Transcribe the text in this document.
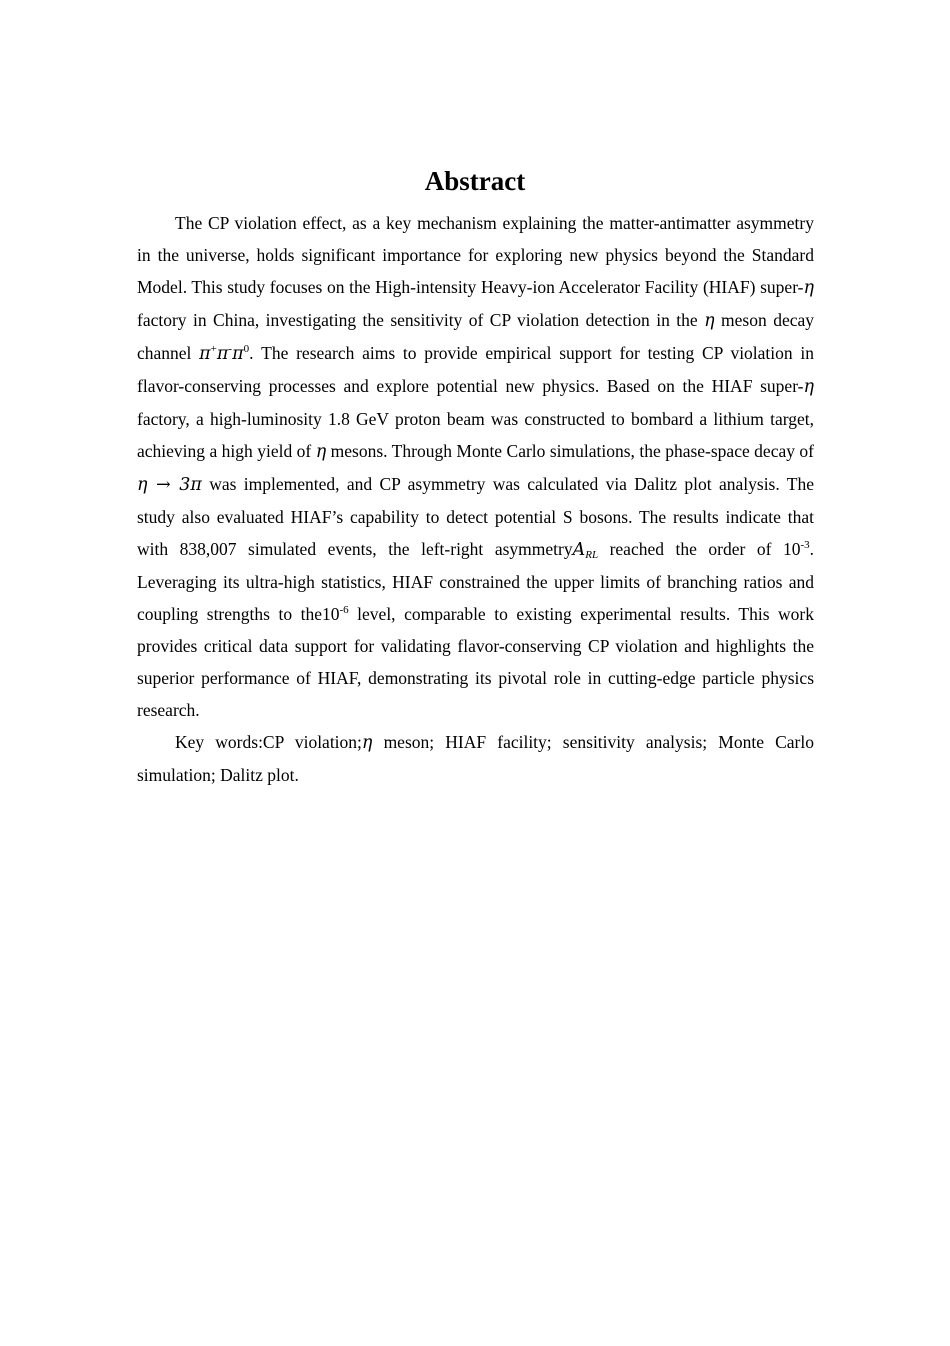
Abstract

The CP violation effect, as a key mechanism explaining the matter-antimatter asymmetry in the universe, holds significant importance for exploring new physics beyond the Standard Model. This study focuses on the High-intensity Heavy-ion Accelerator Facility (HIAF) super-η factory in China, investigating the sensitivity of CP violation detection in the η meson decay channel $\pi^+\pi^-\pi^0$. The research aims to provide empirical support for testing CP violation in flavor-conserving processes and explore potential new physics. Based on the HIAF super-η factory, a high-luminosity 1.8 GeV proton beam was constructed to bombard a lithium target, achieving a high yield of η mesons. Through Monte Carlo simulations, the phase-space decay of η → 3π was implemented, and CP asymmetry was calculated via Dalitz plot analysis. The study also evaluated HIAF’s capability to detect potential S bosons. The results indicate that with 838,007 simulated events, the left-right asymmetryA$_{RL}$ reached the order of $10^{-3}$. Leveraging its ultra-high statistics, HIAF constrained the upper limits of branching ratios and coupling strengths to $the10^{-6}$ level, comparable to existing experimental results. This work provides critical data support for validating flavor-conserving CP violation and highlights the superior performance of HIAF, demonstrating its pivotal role in cutting-edge particle physics research.

Key words:CP violation;η meson; HIAF facility; sensitivity analysis; Monte Carlo simulation; Dalitz plot.
